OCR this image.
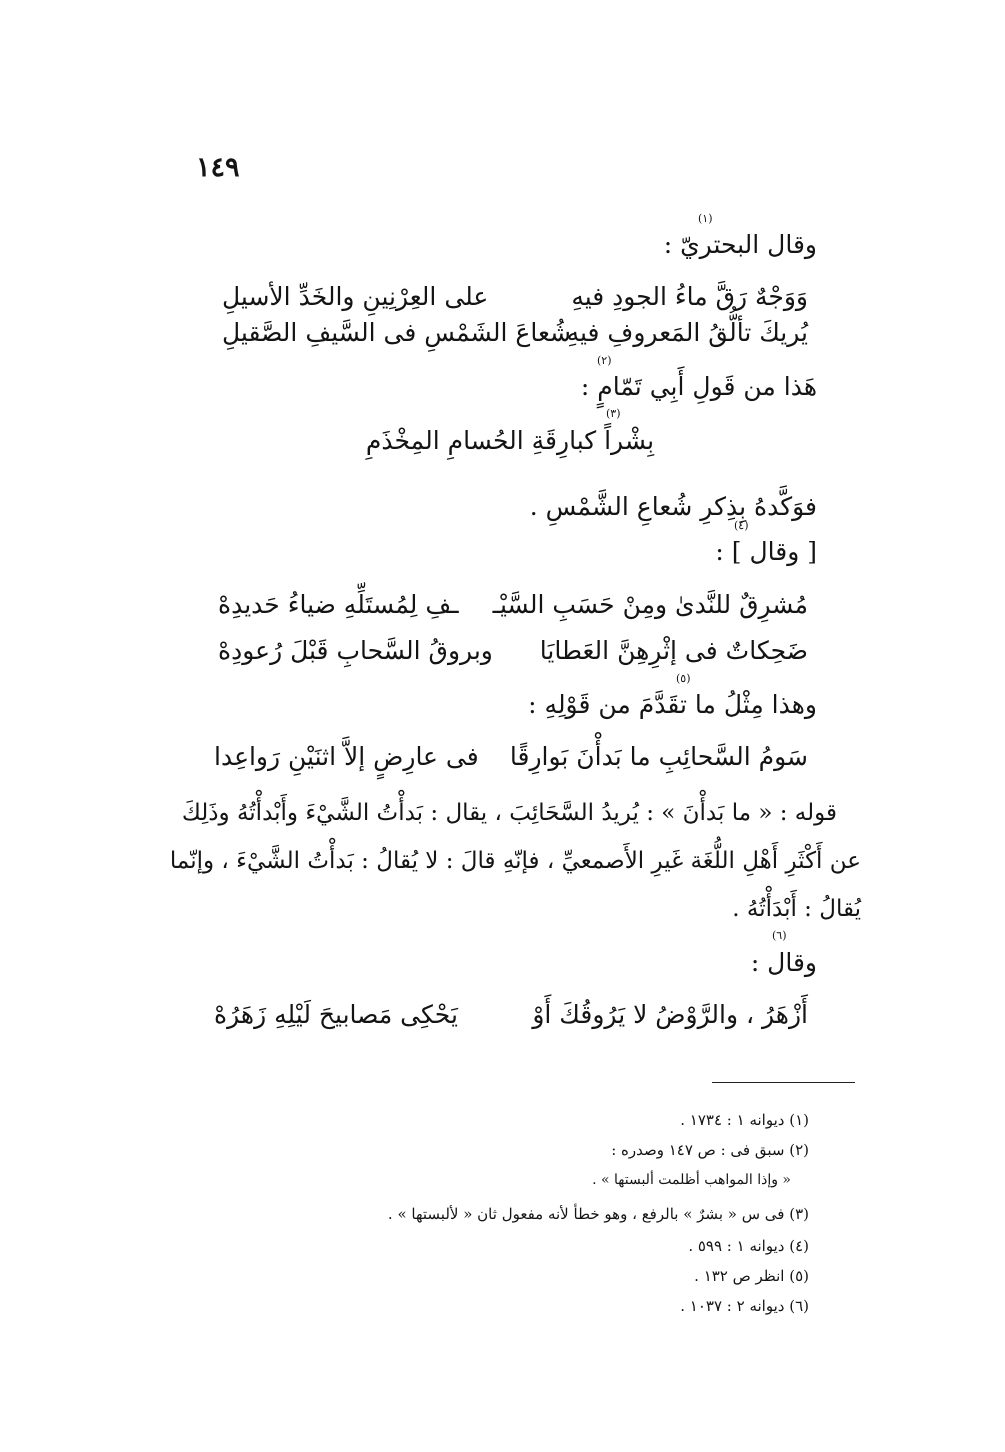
١٤٩
(١)
وقال البحتريّ :
وَوَجْهٌ رَقَّ ماءُ الجودِ فيهِ
على العِرْنِينِ والخَدِّ الأسيلِ
يُريكَ تألُّقُ المَعروفِ فيهِ
شُعاعَ الشَمْسِ فى السَّيفِ الصَّقيلِ
(٢)
هَذا من قَولِ أَبِي تَمّامٍ :
(٣)
بِشْراً كبارِقَةِ الحُسامِ المِخْذَمِ
فوَكَّدهُ بِذِكرِ شُعاعِ الشَّمْسِ .
(٤)
[ وقال ] :
مُشرِقٌ للنَّدىٰ ومِنْ حَسَبِ السَّيْـ
ـفِ لِمُستَلِّهِ ضياءُ حَديدِهْ
ضَحِكاتٌ فى إثْرِهِنَّ العَطايَا
وبروقُ السَّحابِ قَبْلَ رُعودِهْ
(٥)
وهذا مِثْلُ ما تقَدَّمَ من قَوْلِهِ :
سَومُ السَّحائِبِ ما بَدأْنَ بَوارِقًا
فى عارِضٍ إلاَّ اثنَيْنِ رَواعِدا
قوله : « ما بَدأْنَ » : يُريدُ السَّحَائِبَ ، يقال : بَدأْتُ الشَّيْءَ وأَبْدأْتُهُ وذَلِكَ
عن أَكْثَرِ أَهْلِ اللُّغَة غَيرِ الأَصمعيِّ ، فإنّهِ قالَ : لا يُقالُ : بَدأْتُ الشَّيْءَ ، وإنّما
يُقالُ : أَبْدَأْتُهُ .
(٦)
وقال :
أَزْهَرُ ، والرَّوْضُ لا يَرُوقُكَ أَوْ
يَحْكِى مَصابيحَ لَيْلِهِ زَهَرُهْ
(١) ديوانه ١ : ١٧٣٤ .
(٢) سبق فى : ص ١٤٧ وصدره :
« وإذا المواهب أظلمت ألبستها » .
(٣) فى س « بشرٌ » بالرفع ، وهو خطأ لأنه مفعول ثان « لألبستها » .
(٤) ديوانه ١ : ٥٩٩ .
(٥) انظر ص ١٣٢ .
(٦) ديوانه ٢ : ١٠٣٧ .
